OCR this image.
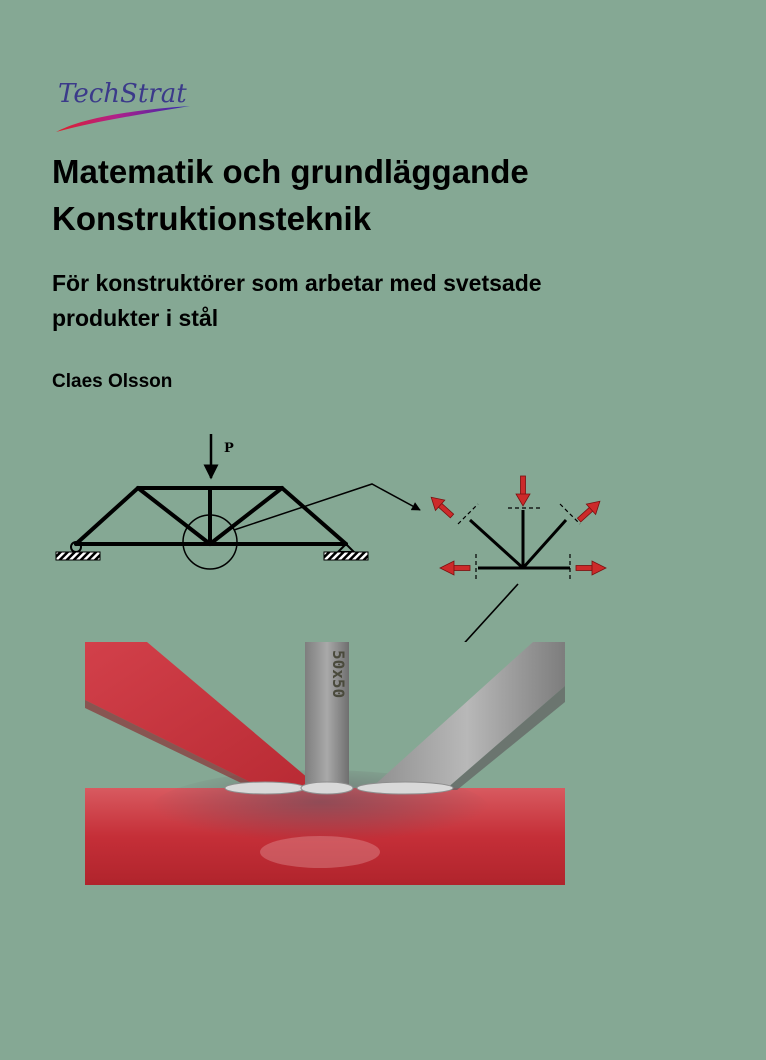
TechStrat
Matematik och grundläggande
Konstruktionsteknik
För konstruktörer som arbetar med svetsade
produkter i stål
Claes Olsson
P
50x50
